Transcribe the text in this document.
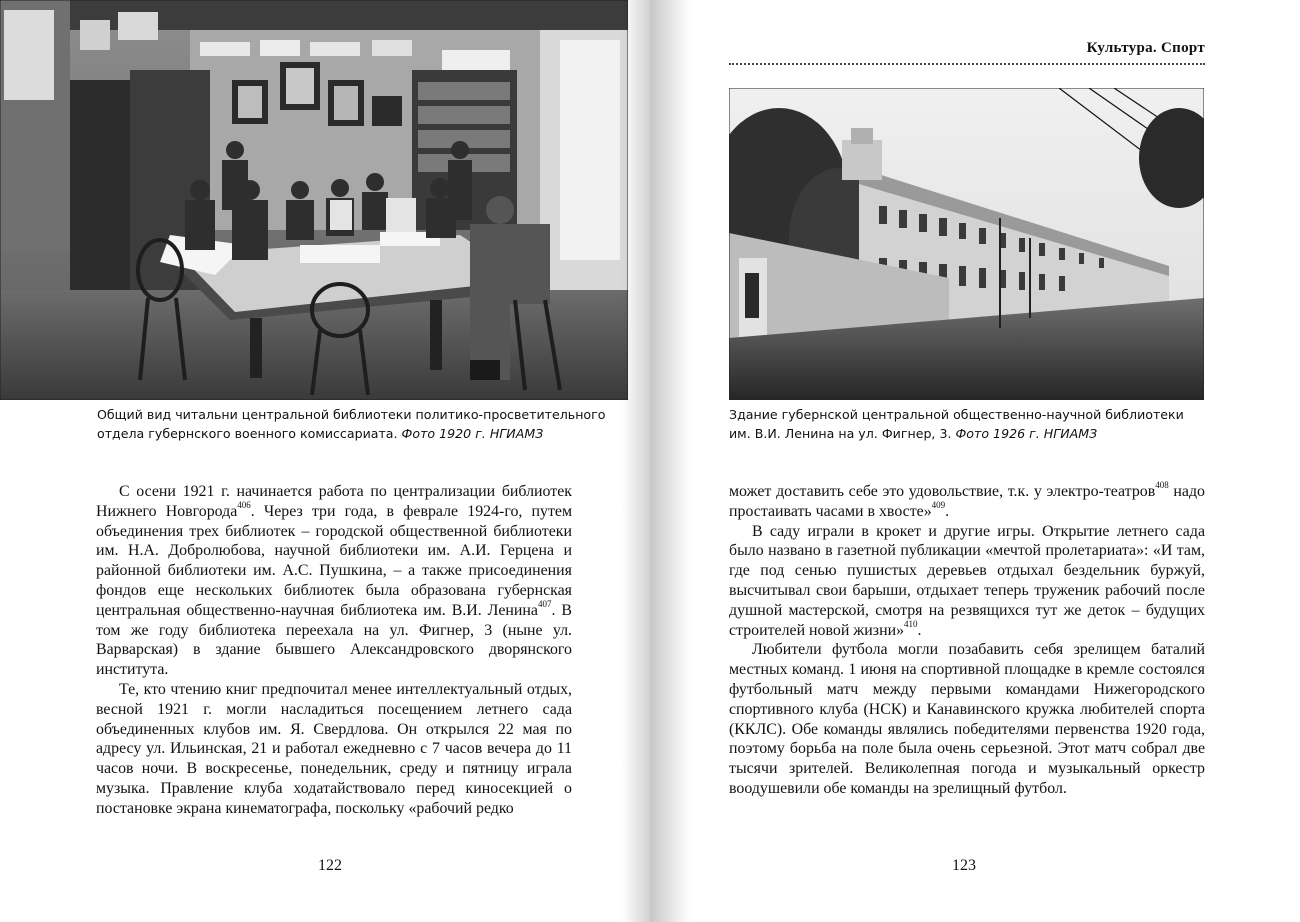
Общий вид читальни центральной библиотеки политико-просветительного
отдела губернского военного комиссариата. Фото 1920 г. НГИАМЗ

С осени 1921 г. начинается работа по централизации библиотек Нижнего Новгорода$^{406}$. Через три года, в феврале 1924-го, путем объединения трех библиотек – городской общественной библиотеки им. Н.А. Добролюбова, научной библиотеки им. А.И. Герцена и районной библиотеки им. А.С. Пушкина, – а также присоединения фондов еще нескольких библиотек была образована губернская центральная общественно-научная библиотека им. В.И. Ленина$^{407}$. В том же году библиотека переехала на ул. Фигнер, 3 (ныне ул. Варварская) в здание бывшего Александровского дворянского института.

Те, кто чтению книг предпочитал менее интеллектуальный отдых, весной 1921 г. могли насладиться посещением летнего сада объединенных клубов им. Я. Свердлова. Он открылся 22 мая по адресу ул. Ильинская, 21 и работал ежедневно с 7 часов вечера до 11 часов ночи. В воскресенье, понедельник, среду и пятницу играла музыка. Правление клуба ходатайствовало перед киносекцией о постановке экрана кинематографа, поскольку «рабочий редко

122
Культура. Спорт
Здание губернской центральной общественно-научной библиотеки
им. В.И. Ленина на ул. Фигнер, 3. Фото 1926 г. НГИАМЗ

может доставить себе это удовольствие, т.к. у электро-театров$^{408}$ надо простаивать часами в хвосте»$^{409}$.

В саду играли в крокет и другие игры. Открытие летнего сада было названо в газетной публикации «мечтой пролетариата»: «И там, где под сенью пушистых деревьев отдыхал бездельник буржуй, высчитывал свои барыши, отдыхает теперь труженик рабочий после душной мастерской, смотря на резвящихся тут же деток – будущих строителей новой жизни»$^{410}$.

Любители футбола могли позабавить себя зрелищем баталий местных команд. 1 июня на спортивной площадке в кремле состоялся футбольный матч между первыми командами Нижегородского спортивного клуба (НСК) и Канавинского кружка любителей спорта (ККЛС). Обе команды являлись победителями первенства 1920 года, поэтому борьба на поле была очень серьезной. Этот матч собрал две тысячи зрителей. Великолепная погода и музыкальный оркестр воодушевили обе команды на зрелищный футбол.

123
